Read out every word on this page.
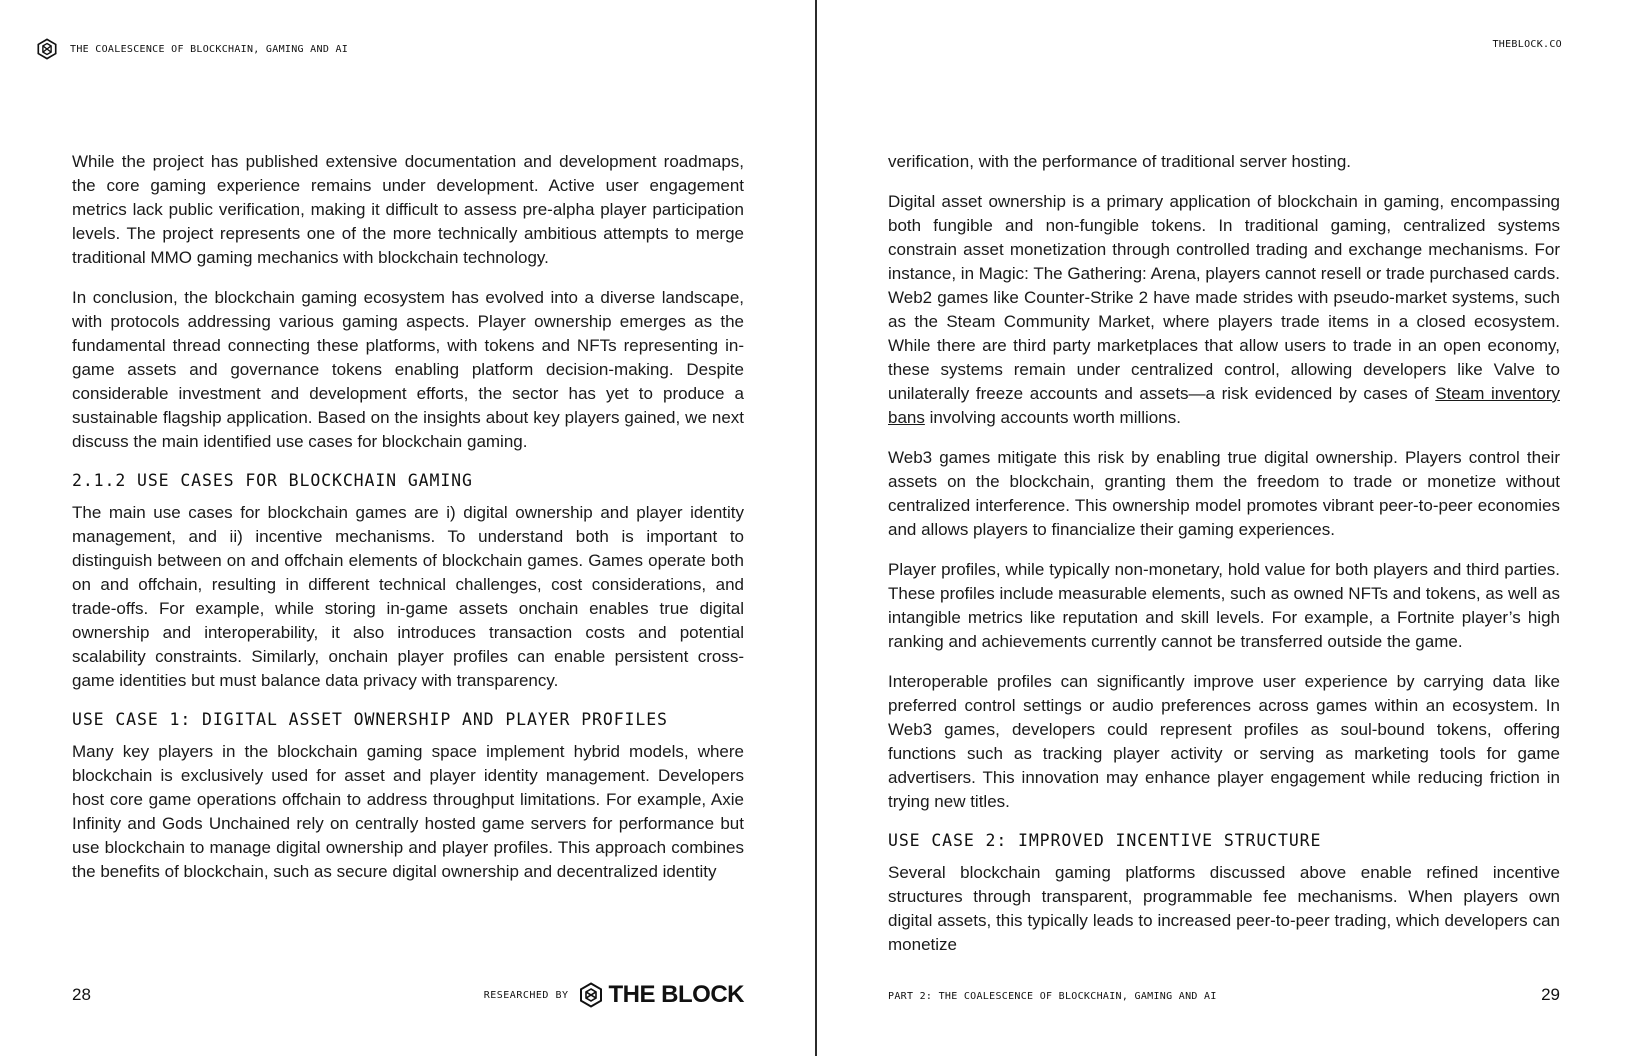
THE COALESCENCE OF BLOCKCHAIN, GAMING AND AI

While the project has published extensive documentation and development roadmaps, the core gaming experience remains under development. Active user engagement metrics lack public verification, making it difficult to assess pre-alpha player participation levels. The project represents one of the more technically ambitious attempts to merge traditional MMO gaming mechanics with blockchain technology.

In conclusion, the blockchain gaming ecosystem has evolved into a diverse landscape, with protocols addressing various gaming aspects. Player ownership emerges as the fundamental thread connecting these platforms, with tokens and NFTs representing in-game assets and governance tokens enabling platform decision-making. Despite considerable investment and development efforts, the sector has yet to produce a sustainable flagship application. Based on the insights about key players gained, we next discuss the main identified use cases for blockchain gaming.

2.1.2 USE CASES FOR BLOCKCHAIN GAMING

The main use cases for blockchain games are i) digital ownership and player identity management, and ii) incentive mechanisms. To understand both is important to distinguish between on and offchain elements of blockchain games. Games operate both on and offchain, resulting in different technical challenges, cost considerations, and trade-offs. For example, while storing in-game assets onchain enables true digital ownership and interoperability, it also introduces transaction costs and potential scalability constraints. Similarly, onchain player profiles can enable persistent cross-game identities but must balance data privacy with transparency.

USE CASE 1: DIGITAL ASSET OWNERSHIP AND PLAYER PROFILES

Many key players in the blockchain gaming space implement hybrid models, where blockchain is exclusively used for asset and player identity management. Developers host core game operations offchain to address throughput limitations. For example, Axie Infinity and Gods Unchained rely on centrally hosted game servers for performance but use blockchain to manage digital ownership and player profiles. This approach combines the benefits of blockchain, such as secure digital ownership and decentralized identity

28	RESEARCHED BY THE BLOCK
THEBLOCK.CO

verification, with the performance of traditional server hosting.

Digital asset ownership is a primary application of blockchain in gaming, encompassing both fungible and non-fungible tokens. In traditional gaming, centralized systems constrain asset monetization through controlled trading and exchange mechanisms. For instance, in Magic: The Gathering: Arena, players cannot resell or trade purchased cards. Web2 games like Counter-Strike 2 have made strides with pseudo-market systems, such as the Steam Community Market, where players trade items in a closed ecosystem. While there are third party marketplaces that allow users to trade in an open economy, these systems remain under centralized control, allowing developers like Valve to unilaterally freeze accounts and assets—a risk evidenced by cases of Steam inventory bans involving accounts worth millions.

Web3 games mitigate this risk by enabling true digital ownership. Players control their assets on the blockchain, granting them the freedom to trade or monetize without centralized interference. This ownership model promotes vibrant peer-to-peer economies and allows players to financialize their gaming experiences.

Player profiles, while typically non-monetary, hold value for both players and third parties. These profiles include measurable elements, such as owned NFTs and tokens, as well as intangible metrics like reputation and skill levels. For example, a Fortnite player’s high ranking and achievements currently cannot be transferred outside the game.

Interoperable profiles can significantly improve user experience by carrying data like preferred control settings or audio preferences across games within an ecosystem. In Web3 games, developers could represent profiles as soul-bound tokens, offering functions such as tracking player activity or serving as marketing tools for game advertisers. This innovation may enhance player engagement while reducing friction in trying new titles.

USE CASE 2: IMPROVED INCENTIVE STRUCTURE

Several blockchain gaming platforms discussed above enable refined incentive structures through transparent, programmable fee mechanisms. When players own digital assets, this typically leads to increased peer-to-peer trading, which developers can monetize

PART 2: THE COALESCENCE OF BLOCKCHAIN, GAMING AND AI	29
